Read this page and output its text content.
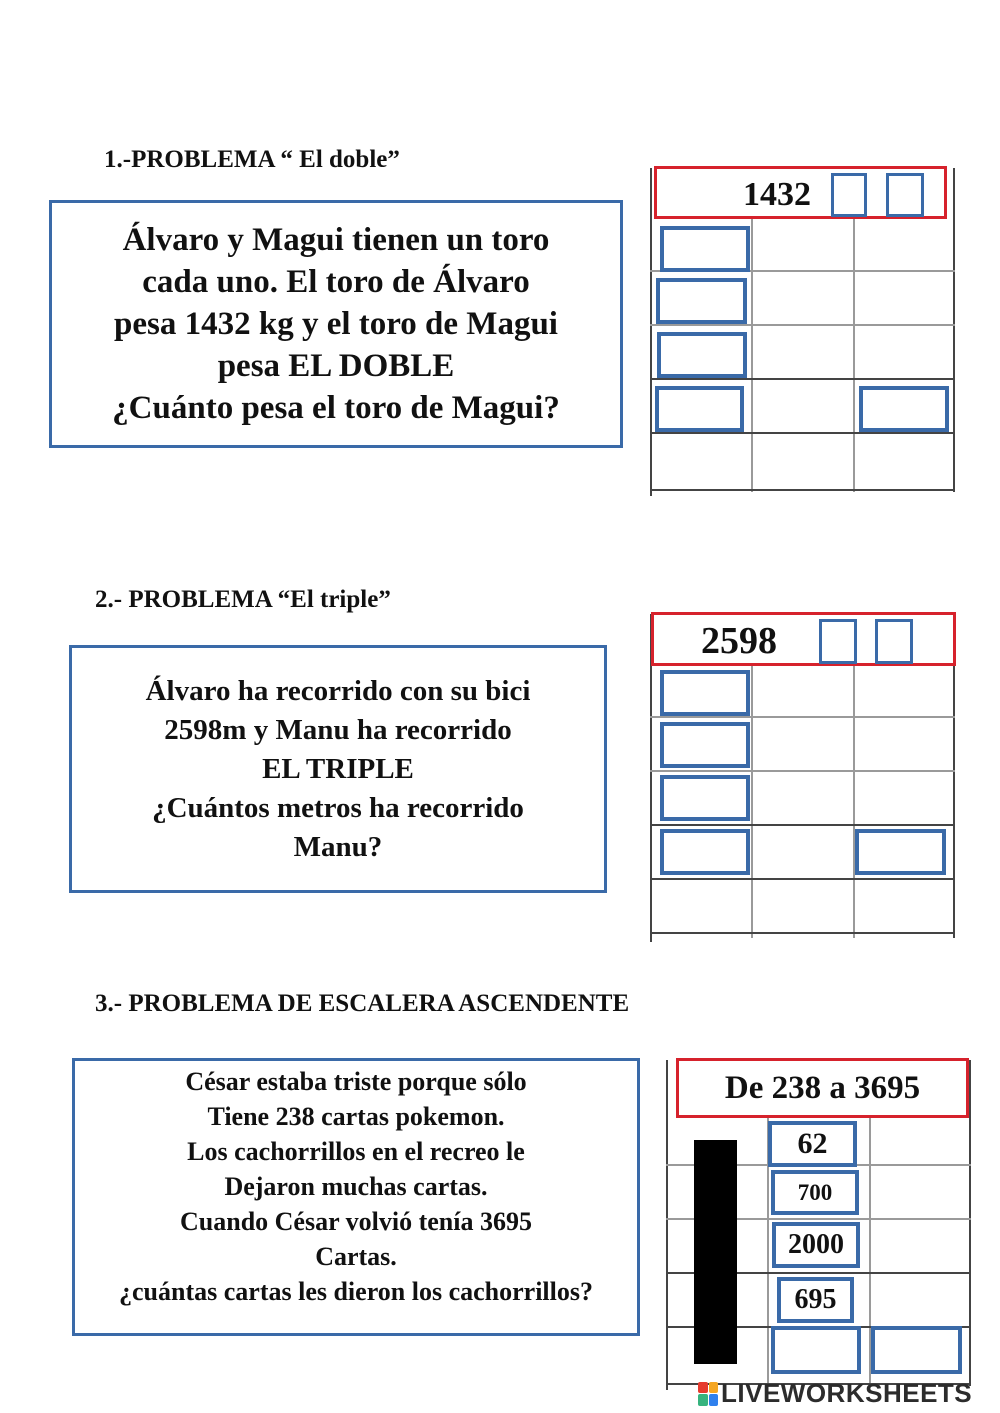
1.-PROBLEMA “ El doble”
Álvaro y Magui tienen un toro
cada uno. El toro de Álvaro
pesa 1432 kg y el toro de Magui
pesa EL DOBLE
¿Cuánto pesa el toro de Magui?
1432
2.- PROBLEMA “El triple”
Álvaro ha recorrido con su bici
2598m y Manu ha recorrido
EL TRIPLE
¿Cuántos metros ha recorrido
Manu?
2598
3.- PROBLEMA DE ESCALERA ASCENDENTE
César estaba triste porque sólo
Tiene 238 cartas pokemon.
Los cachorrillos en el recreo le
Dejaron muchas cartas.
Cuando César volvió tenía 3695
Cartas.
¿cuántas cartas les dieron los cachorrillos?
De 238 a 3695
62
700
2000
695
LIVEWORKSHEETS
